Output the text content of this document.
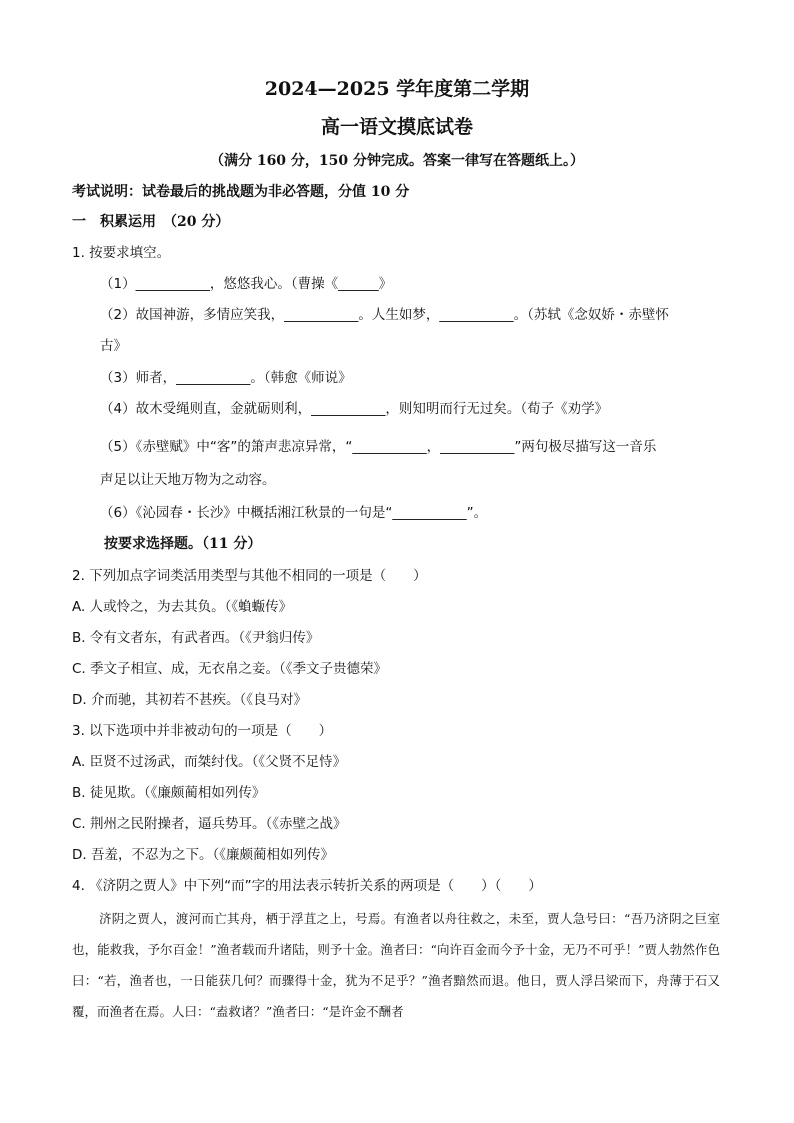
2024—2025 学年度第二学期
高一语文摸底试卷
（满分 160 分，150 分钟完成。答案一律写在答题纸上。）
考试说明：试卷最后的挑战题为非必答题，分值 10 分
一　积累运用　（20 分）
1. 按要求填空。
（1）___________，悠悠我心。（曹操《______》
（2）故国神游，多情应笑我，___________。人生如梦，___________。（苏轼《念奴娇・赤壁怀
古》
（3）师者，___________。（韩愈《师说》
（4）故木受绳则直，金就砺则利，___________，则知明而行无过矣。（荀子《劝学》
（5）《赤壁赋》中“客”的箫声悲凉异常，“___________，___________”两句极尽描写这一音乐
声足以让天地万物为之动容。
（6）《沁园春・长沙》中概括湘江秋景的一句是“___________”。
按要求选择题。（11 分）
2. 下列加点字词类活用类型与其他不相同的一项是（　　）
A. 人或怜之，为去其负。（《蝜蝂传》
B. 令有文者东，有武者西。（《尹翁归传》
C. 季文子相宣、成，无衣帛之妾。（《季文子贵德荣》
D. 介而驰，其初若不甚疾。（《良马对》
3. 以下选项中并非被动句的一项是（　　）
A. 臣贤不过汤武，而桀纣伐。（《父贤不足恃》
B. 徒见欺。（《廉颇蔺相如列传》
C. 荆州之民附操者，逼兵势耳。（《赤壁之战》
D. 吾羞，不忍为之下。（《廉颇蔺相如列传》
4. 《济阴之贾人》中下列“而”字的用法表示转折关系的两项是（　　）（　　）
济阴之贾人，渡河而亡其舟，栖于浮苴之上，号焉。有渔者以舟往救之，未至，贾人急号曰：“吾乃济阴之巨室也，能救我，予尔百金！”渔者载而升诸陆，则予十金。渔者曰：“向许百金而今予十金，无乃不可乎！”贾人勃然作色曰：“若，渔者也，一日能获几何？而骤得十金，犹为不足乎？”渔者黯然而退。他日，贾人浮吕梁而下，舟薄于石又覆，而渔者在焉。人曰：“盍救诸？”渔者曰：“是许金不酬者
